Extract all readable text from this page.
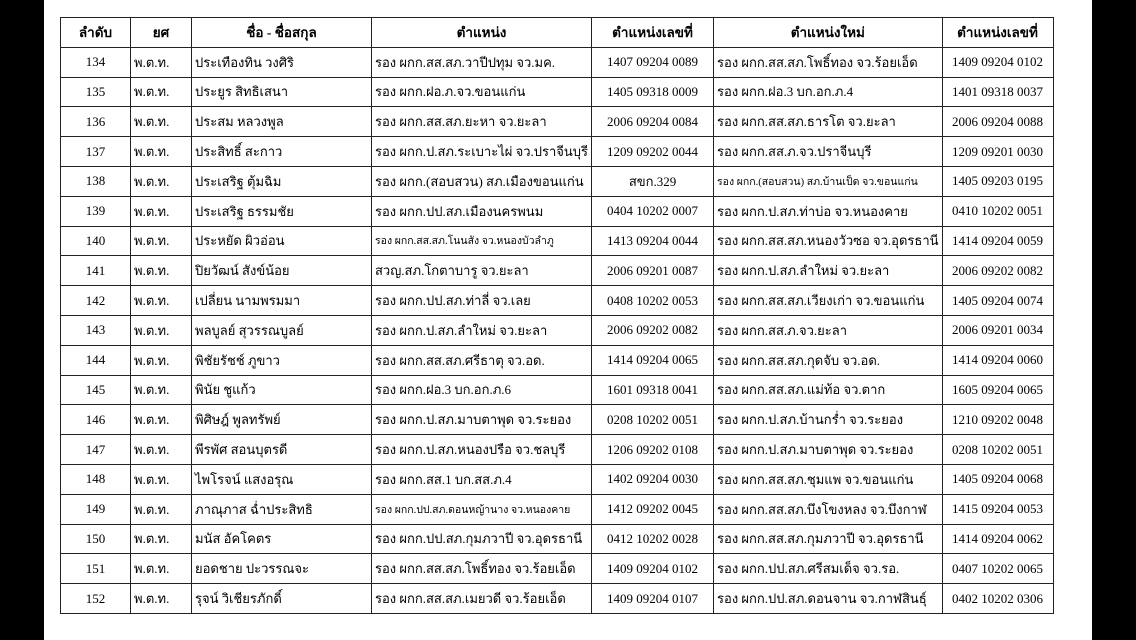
ลำดับ	ยศ	ชื่อ - ชื่อสกุล	ตำแหน่ง	ตำแหน่งเลขที่	ตำแหน่งใหม่	ตำแหน่งเลขที่
134	พ.ต.ท.	ประเทืองทิน วงศิริ	รอง ผกก.สส.สภ.วาปีปทุม จว.มค.	1407 09204 0089	รอง ผกก.สส.สภ.โพธิ์ทอง จว.ร้อยเอ็ด	1409 09204 0102
135	พ.ต.ท.	ประยูร สิทธิเสนา	รอง ผกก.ฝอ.ภ.จว.ขอนแก่น	1405 09318 0009	รอง ผกก.ฝอ.3 บก.อก.ภ.4	1401 09318 0037
136	พ.ต.ท.	ประสม หลวงพูล	รอง ผกก.สส.สภ.ยะหา จว.ยะลา	2006 09204 0084	รอง ผกก.สส.สภ.ธารโต จว.ยะลา	2006 09204 0088
137	พ.ต.ท.	ประสิทธิ์ สะกาว	รอง ผกก.ป.สภ.ระเบาะไผ่ จว.ปราจีนบุรี	1209 09202 0044	รอง ผกก.สส.ภ.จว.ปราจีนบุรี	1209 09201 0030
138	พ.ต.ท.	ประเสริฐ ตุ้มฉิม	รอง ผกก.(สอบสวน) สภ.เมืองขอนแก่น	สขก.329	รอง ผกก.(สอบสวน) สภ.บ้านเป็ด จว.ขอนแก่น	1405 09203 0195
139	พ.ต.ท.	ประเสริฐ ธรรมชัย	รอง ผกก.ปป.สภ.เมืองนครพนม	0404 10202 0007	รอง ผกก.ป.สภ.ท่าบ่อ จว.หนองคาย	0410 10202 0051
140	พ.ต.ท.	ประหยัด ผิวอ่อน	รอง ผกก.สส.สภ.โนนสัง จว.หนองบัวลำภู	1413 09204 0044	รอง ผกก.สส.สภ.หนองวัวซอ จว.อุดรธานี	1414 09204 0059
141	พ.ต.ท.	ปิยวัฒน์ สังข์น้อย	สวญ.สภ.โกตาบารู จว.ยะลา	2006 09201 0087	รอง ผกก.ป.สภ.ลำใหม่ จว.ยะลา	2006 09202 0082
142	พ.ต.ท.	เปลี่ยน นามพรมมา	รอง ผกก.ปป.สภ.ท่าลี่ จว.เลย	0408 10202 0053	รอง ผกก.สส.สภ.เวียงเก่า จว.ขอนแก่น	1405 09204 0074
143	พ.ต.ท.	พลบูลย์ สุวรรณบูลย์	รอง ผกก.ป.สภ.ลำใหม่ จว.ยะลา	2006 09202 0082	รอง ผกก.สส.ภ.จว.ยะลา	2006 09201 0034
144	พ.ต.ท.	พิชัยรัชช์ ภูขาว	รอง ผกก.สส.สภ.ศรีธาตุ จว.อด.	1414 09204 0065	รอง ผกก.สส.สภ.กุดจับ จว.อด.	1414 09204 0060
145	พ.ต.ท.	พินัย ชูแก้ว	รอง ผกก.ฝอ.3 บก.อก.ภ.6	1601 09318 0041	รอง ผกก.สส.สภ.แม่ท้อ จว.ตาก	1605 09204 0065
146	พ.ต.ท.	พิศิษฎ์ พูลทรัพย์	รอง ผกก.ป.สภ.มาบตาพุด จว.ระยอง	0208 10202 0051	รอง ผกก.ป.สภ.บ้านกร่ำ จว.ระยอง	1210 09202 0048
147	พ.ต.ท.	พีรพัศ สอนบุตรดี	รอง ผกก.ป.สภ.หนองปรือ จว.ชลบุรี	1206 09202 0108	รอง ผกก.ป.สภ.มาบตาพุด จว.ระยอง	0208 10202 0051
148	พ.ต.ท.	ไพโรจน์ แสงอรุณ	รอง ผกก.สส.1 บก.สส.ภ.4	1402 09204 0030	รอง ผกก.สส.สภ.ชุมแพ จว.ขอนแก่น	1405 09204 0068
149	พ.ต.ท.	ภาณุภาส ฉ่ำประสิทธิ	รอง ผกก.ปป.สภ.ดอนหญ้านาง จว.หนองคาย	1412 09202 0045	รอง ผกก.สส.สภ.บึงโขงหลง จว.บึงกาฬ	1415 09204 0053
150	พ.ต.ท.	มนัส อัคโคตร	รอง ผกก.ปป.สภ.กุมภวาปี จว.อุดรธานี	0412 10202 0028	รอง ผกก.สส.สภ.กุมภวาปี จว.อุดรธานี	1414 09204 0062
151	พ.ต.ท.	ยอดชาย ปะวรรณจะ	รอง ผกก.สส.สภ.โพธิ์ทอง จว.ร้อยเอ็ด	1409 09204 0102	รอง ผกก.ปป.สภ.ศรีสมเด็จ จว.รอ.	0407 10202 0065
152	พ.ต.ท.	รุจน์ วิเชียรภักดิ์	รอง ผกก.สส.สภ.เมยวดี จว.ร้อยเอ็ด	1409 09204 0107	รอง ผกก.ปป.สภ.ดอนจาน จว.กาฬสินธุ์	0402 10202 0306
